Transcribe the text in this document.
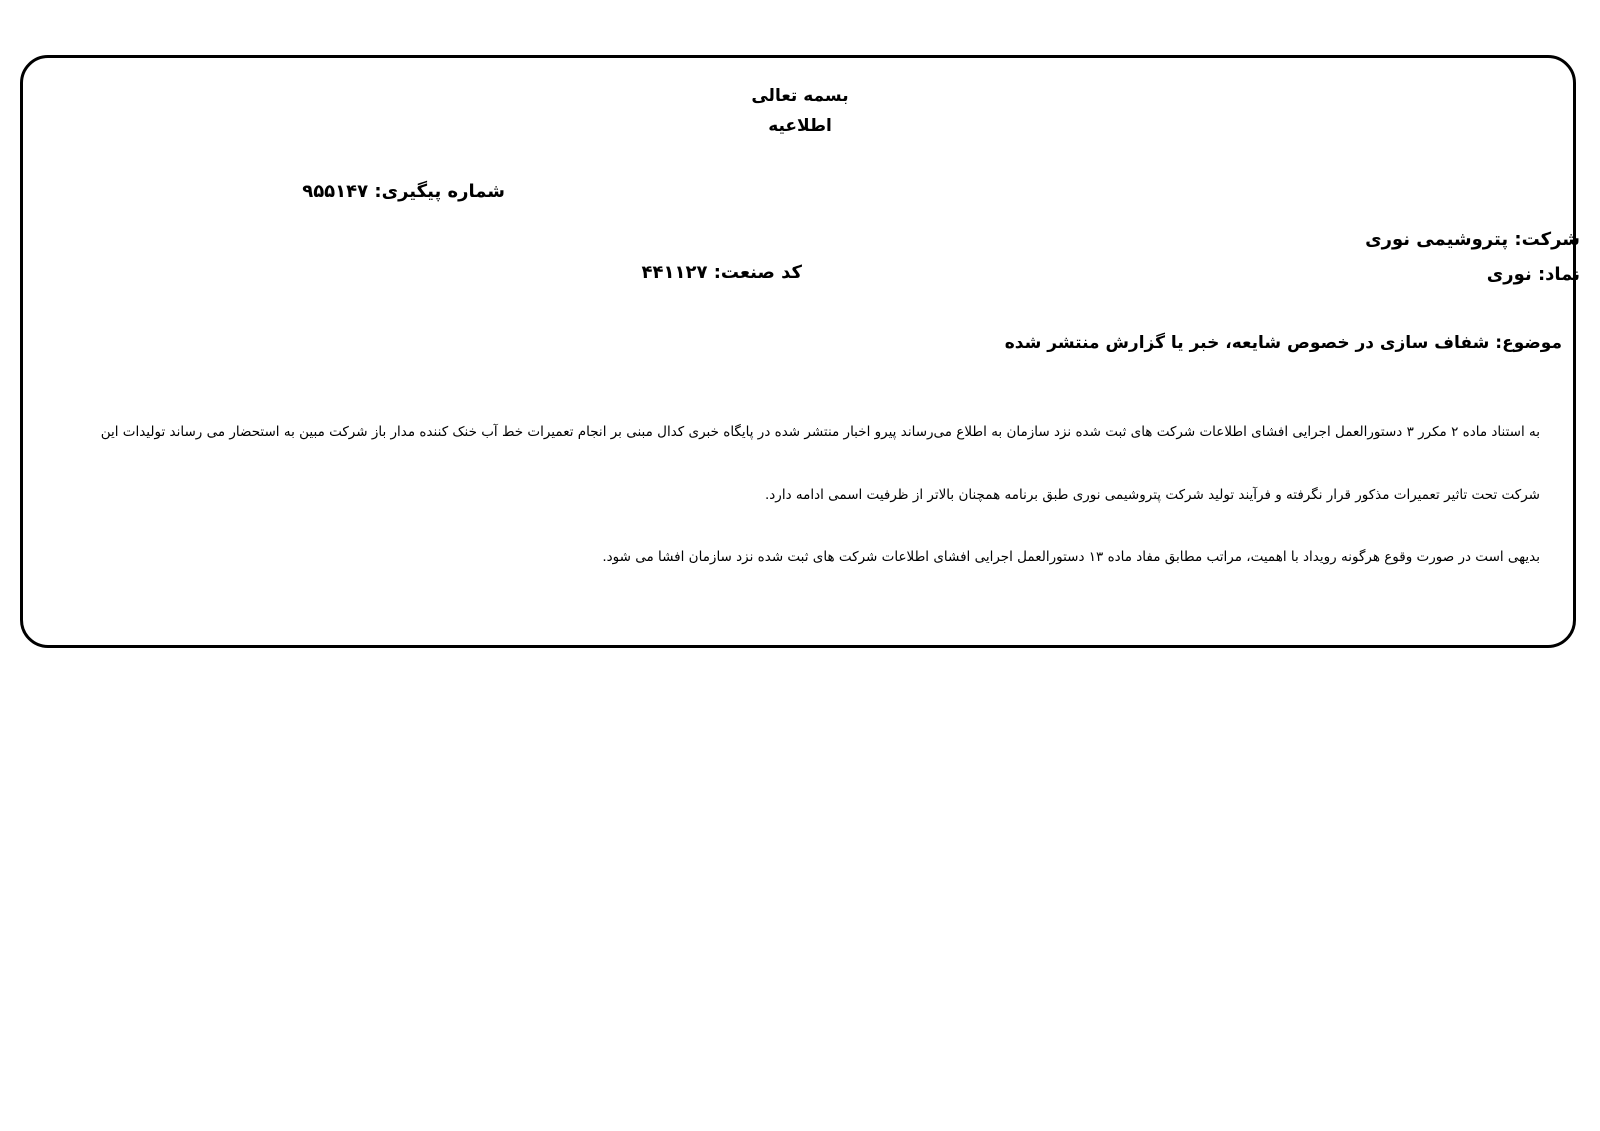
بسمه تعالی
اطلاعیه
شماره پیگیری: ۹۵۵۱۴۷
شرکت: پتروشیمی نوری
نماد: نوری
کد صنعت: ۴۴۱۱۲۷
موضوع: شفاف سازی در خصوص شایعه، خبر یا گزارش منتشر شده
به استناد ماده ۲ مکرر ۳ دستورالعمل اجرایی افشای اطلاعات شرکت های ثبت شده نزد سازمان به اطلاع می‌رساند پیرو اخبار منتشر شده در پایگاه خبری کدال مبنی بر انجام تعمیرات خط آب خنک کننده مدار باز شرکت مبین به استحضار می رساند تولیدات این
شرکت تحت تاثیر تعمیرات مذکور قرار نگرفته و فرآیند تولید شرکت پتروشیمی نوری طبق برنامه همچنان بالاتر از ظرفیت اسمی ادامه دارد.
بدیهی است در صورت وقوع هرگونه رویداد با اهمیت، مراتب مطابق مفاد ماده ۱۳ دستورالعمل اجرایی افشای اطلاعات شرکت های ثبت شده نزد سازمان افشا می شود.
